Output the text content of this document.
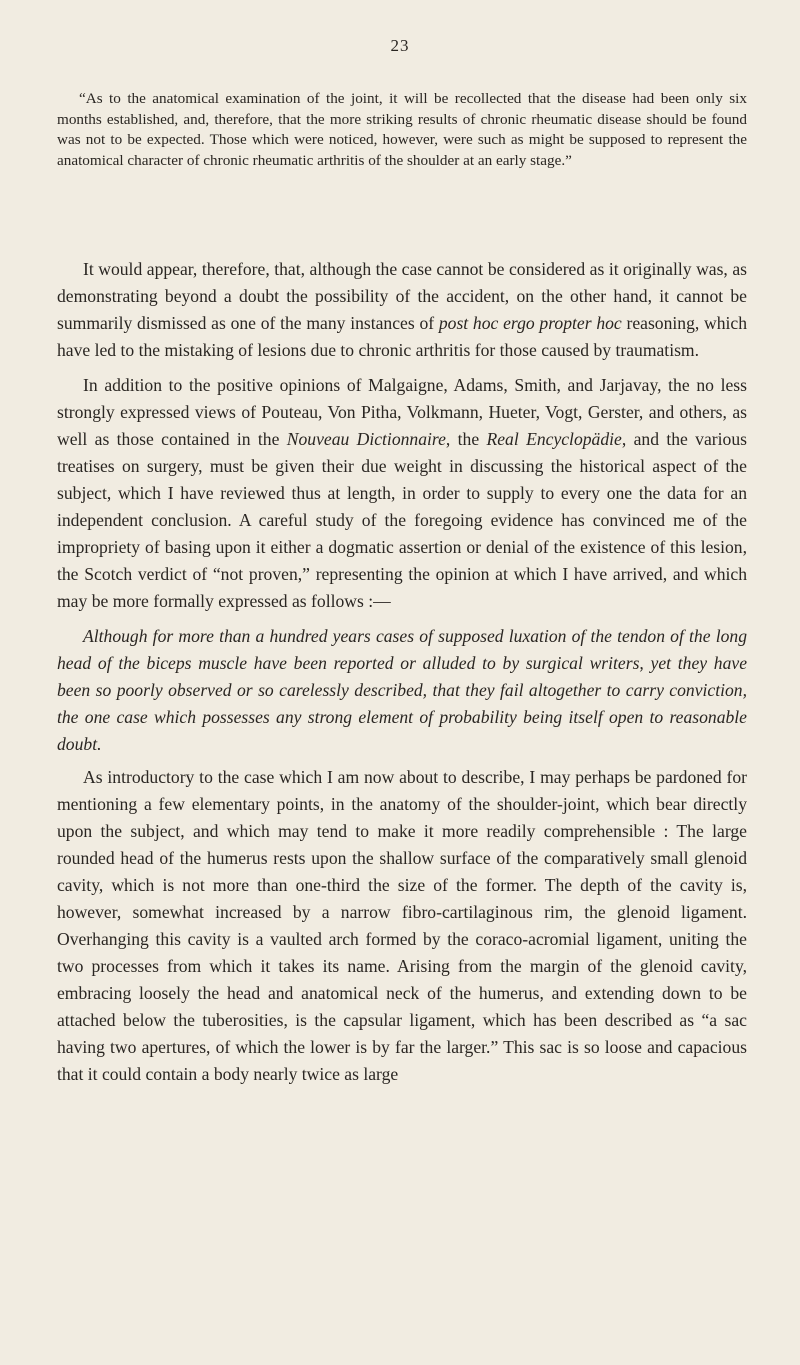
23

“As to the anatomical examination of the joint, it will be recollected that the disease had been only six months established, and, therefore, that the more striking results of chronic rheumatic disease should be found was not to be expected. Those which were noticed, however, were such as might be supposed to represent the anatomical character of chronic rheumatic arthritis of the shoulder at an early stage.”

It would appear, therefore, that, although the case cannot be considered as it originally was, as demonstrating beyond a doubt the possibility of the accident, on the other hand, it cannot be summarily dismissed as one of the many instances of post hoc ergo propter hoc reasoning, which have led to the mistaking of lesions due to chronic arthritis for those caused by traumatism.

In addition to the positive opinions of Malgaigne, Adams, Smith, and Jarjavay, the no less strongly expressed views of Pouteau, Von Pitha, Volkmann, Hueter, Vogt, Gerster, and others, as well as those contained in the Nouveau Dictionnaire, the Real Encyclopädie, and the various treatises on surgery, must be given their due weight in discussing the historical aspect of the subject, which I have reviewed thus at length, in order to supply to every one the data for an independent conclusion. A careful study of the foregoing evidence has convinced me of the impropriety of basing upon it either a dogmatic assertion or denial of the existence of this lesion, the Scotch verdict of “not proven,” representing the opinion at which I have arrived, and which may be more formally expressed as follows :—

Although for more than a hundred years cases of supposed luxation of the tendon of the long head of the biceps muscle have been reported or alluded to by surgical writers, yet they have been so poorly observed or so carelessly described, that they fail altogether to carry conviction, the one case which possesses any strong element of probability being itself open to reasonable doubt.

As introductory to the case which I am now about to describe, I may perhaps be pardoned for mentioning a few elementary points, in the anatomy of the shoulder-joint, which bear directly upon the subject, and which may tend to make it more readily comprehensible : The large rounded head of the humerus rests upon the shallow surface of the comparatively small glenoid cavity, which is not more than one-third the size of the former. The depth of the cavity is, however, somewhat increased by a narrow fibro-cartilaginous rim, the glenoid ligament. Overhanging this cavity is a vaulted arch formed by the coraco-acromial ligament, uniting the two processes from which it takes its name. Arising from the margin of the glenoid cavity, embracing loosely the head and anatomical neck of the humerus, and extending down to be attached below the tuberosities, is the capsular ligament, which has been described as “a sac having two apertures, of which the lower is by far the larger.” This sac is so loose and capacious that it could contain a body nearly twice as large
